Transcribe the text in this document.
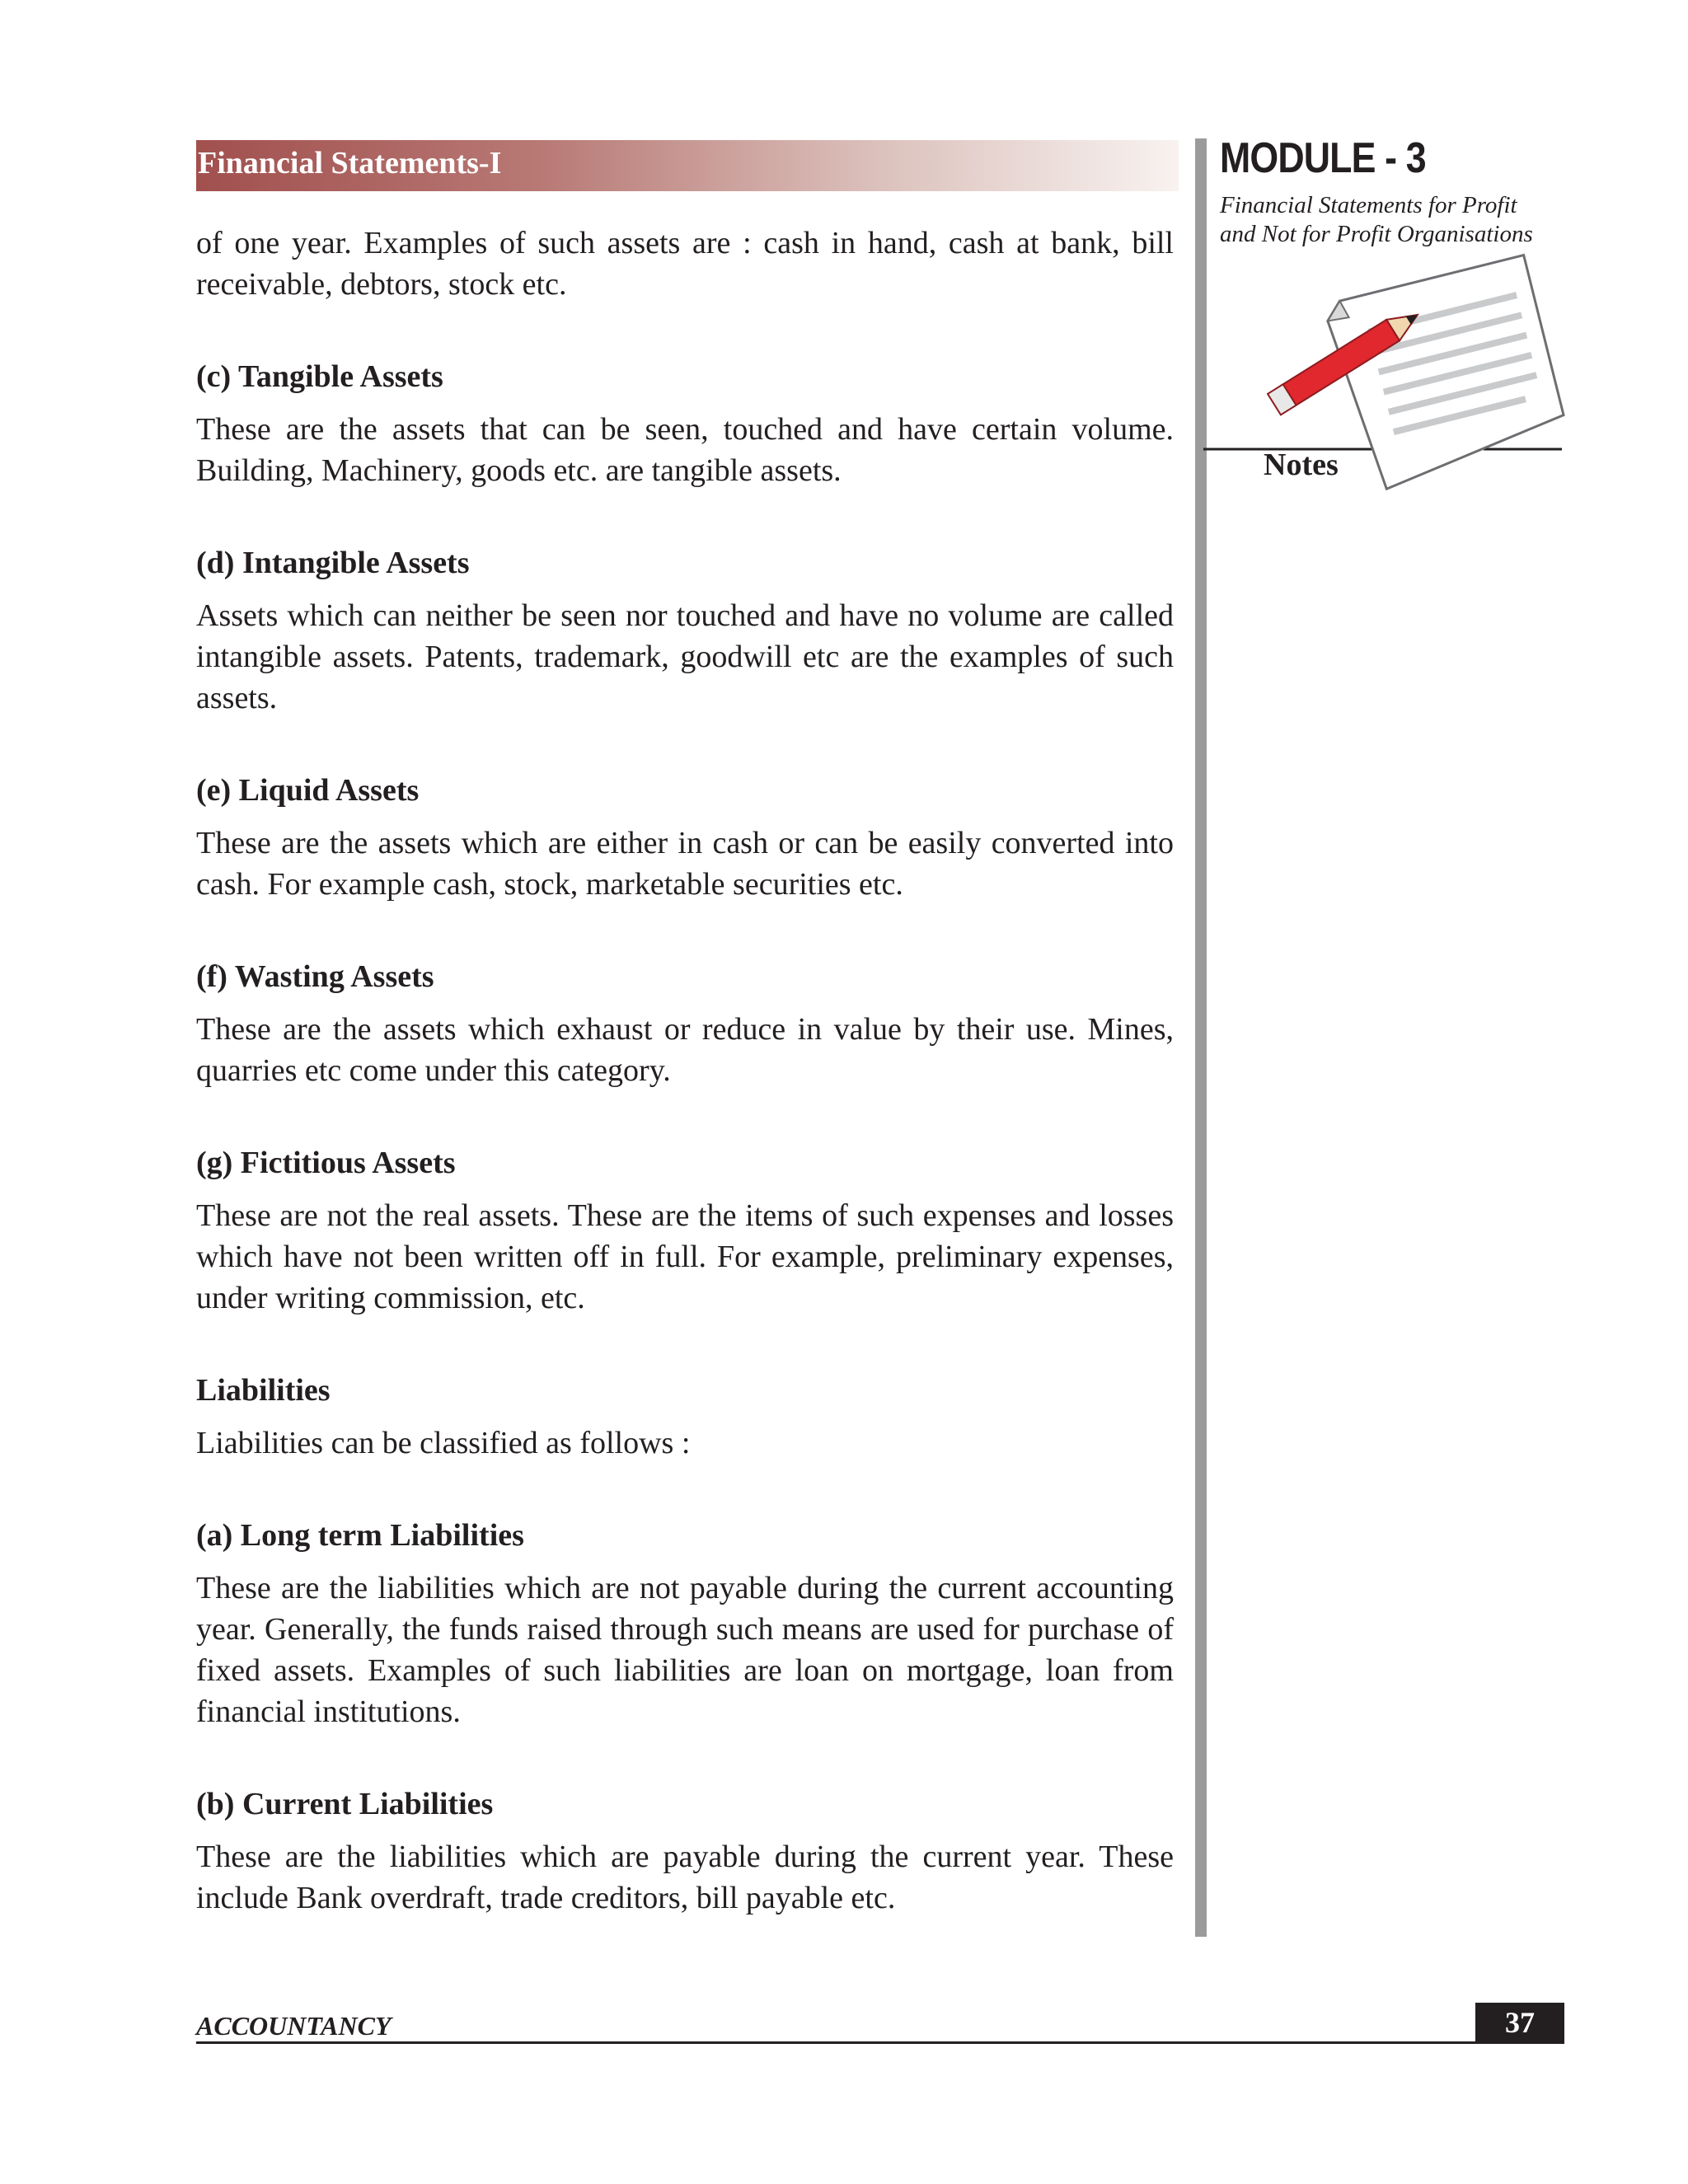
Financial Statements-I	MODULE - 3
Financial Statements for Profit
and Not for Profit Organisations
Notes

of one year. Examples of such assets are : cash in hand, cash at bank, bill receivable, debtors, stock etc.

(c) Tangible Assets

These are the assets that can be seen, touched and have certain volume. Building, Machinery, goods etc. are tangible assets.

(d) Intangible Assets

Assets which can neither be seen nor touched and have no volume are called intangible assets. Patents, trademark, goodwill etc are the examples of such assets.

(e) Liquid Assets

These are the assets which are either in cash or can be easily converted into cash. For example cash, stock, marketable securities etc.

(f) Wasting Assets

These are the assets which exhaust or reduce in value by their use. Mines, quarries etc come under this category.

(g) Fictitious Assets

These are not the real assets. These are the items of such expenses and losses which have not been written off in full. For example, preliminary expenses, under writing commission, etc.

Liabilities

Liabilities can be classified as follows :

(a) Long term Liabilities

These are the liabilities which are not payable during the current accounting year. Generally, the funds raised through such means are used for purchase of fixed assets. Examples of such liabilities are loan on mortgage, loan from financial institutions.

(b) Current Liabilities

These are the liabilities which are payable during the current year. These include Bank overdraft, trade creditors, bill payable etc.

ACCOUNTANCY	37
